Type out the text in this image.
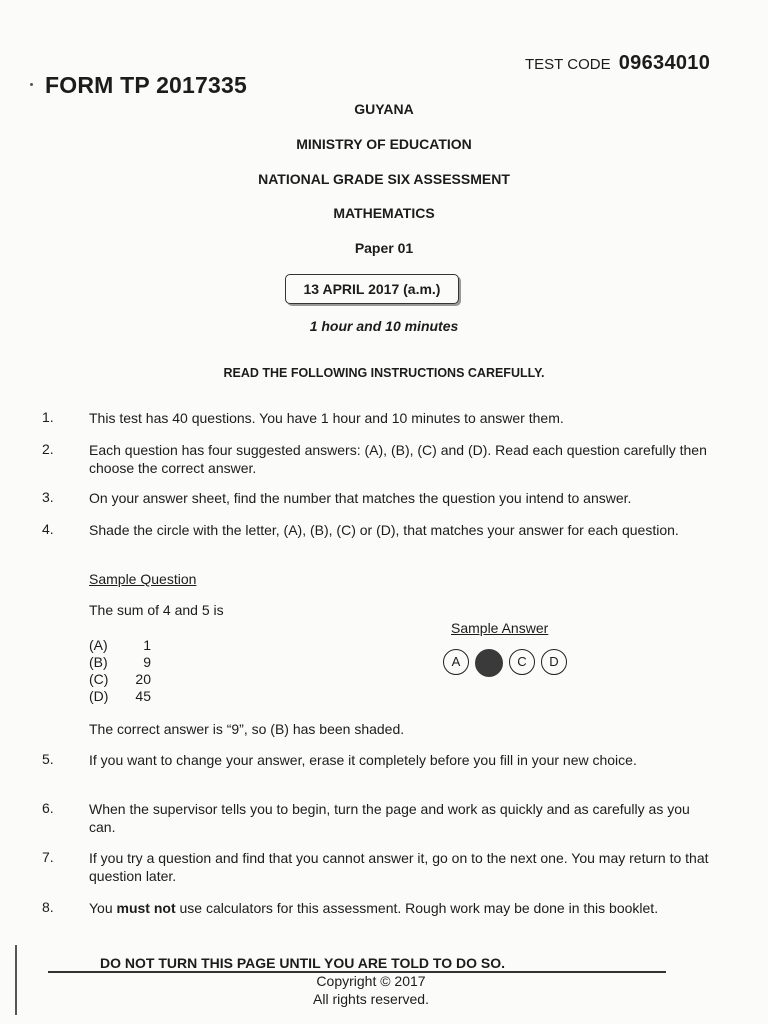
TEST CODE 09634010
FORM TP 2017335
GUYANA
MINISTRY OF EDUCATION
NATIONAL GRADE SIX ASSESSMENT
MATHEMATICS
Paper 01
13 APRIL 2017 (a.m.)
1 hour and 10 minutes
READ THE FOLLOWING INSTRUCTIONS CAREFULLY.
1.	This test has 40 questions. You have 1 hour and 10 minutes to answer them.
2.	Each question has four suggested answers: (A), (B), (C) and (D). Read each question carefully then choose the correct answer.
3.	On your answer sheet, find the number that matches the question you intend to answer.
4.	Shade the circle with the letter, (A), (B), (C) or (D), that matches your answer for each question.
Sample Question
The sum of 4 and 5 is
(A)	1
(B)	9
(C)	20
(D)	45
Sample Answer
A	C	D
The correct answer is “9”, so (B) has been shaded.
5.	If you want to change your answer, erase it completely before you fill in your new choice.
6.	When the supervisor tells you to begin, turn the page and work as quickly and as carefully as you can.
7.	If you try a question and find that you cannot answer it, go on to the next one. You may return to that question later.
8.	You must not use calculators for this assessment. Rough work may be done in this booklet.
DO NOT TURN THIS PAGE UNTIL YOU ARE TOLD TO DO SO.
Copyright © 2017
All rights reserved.
